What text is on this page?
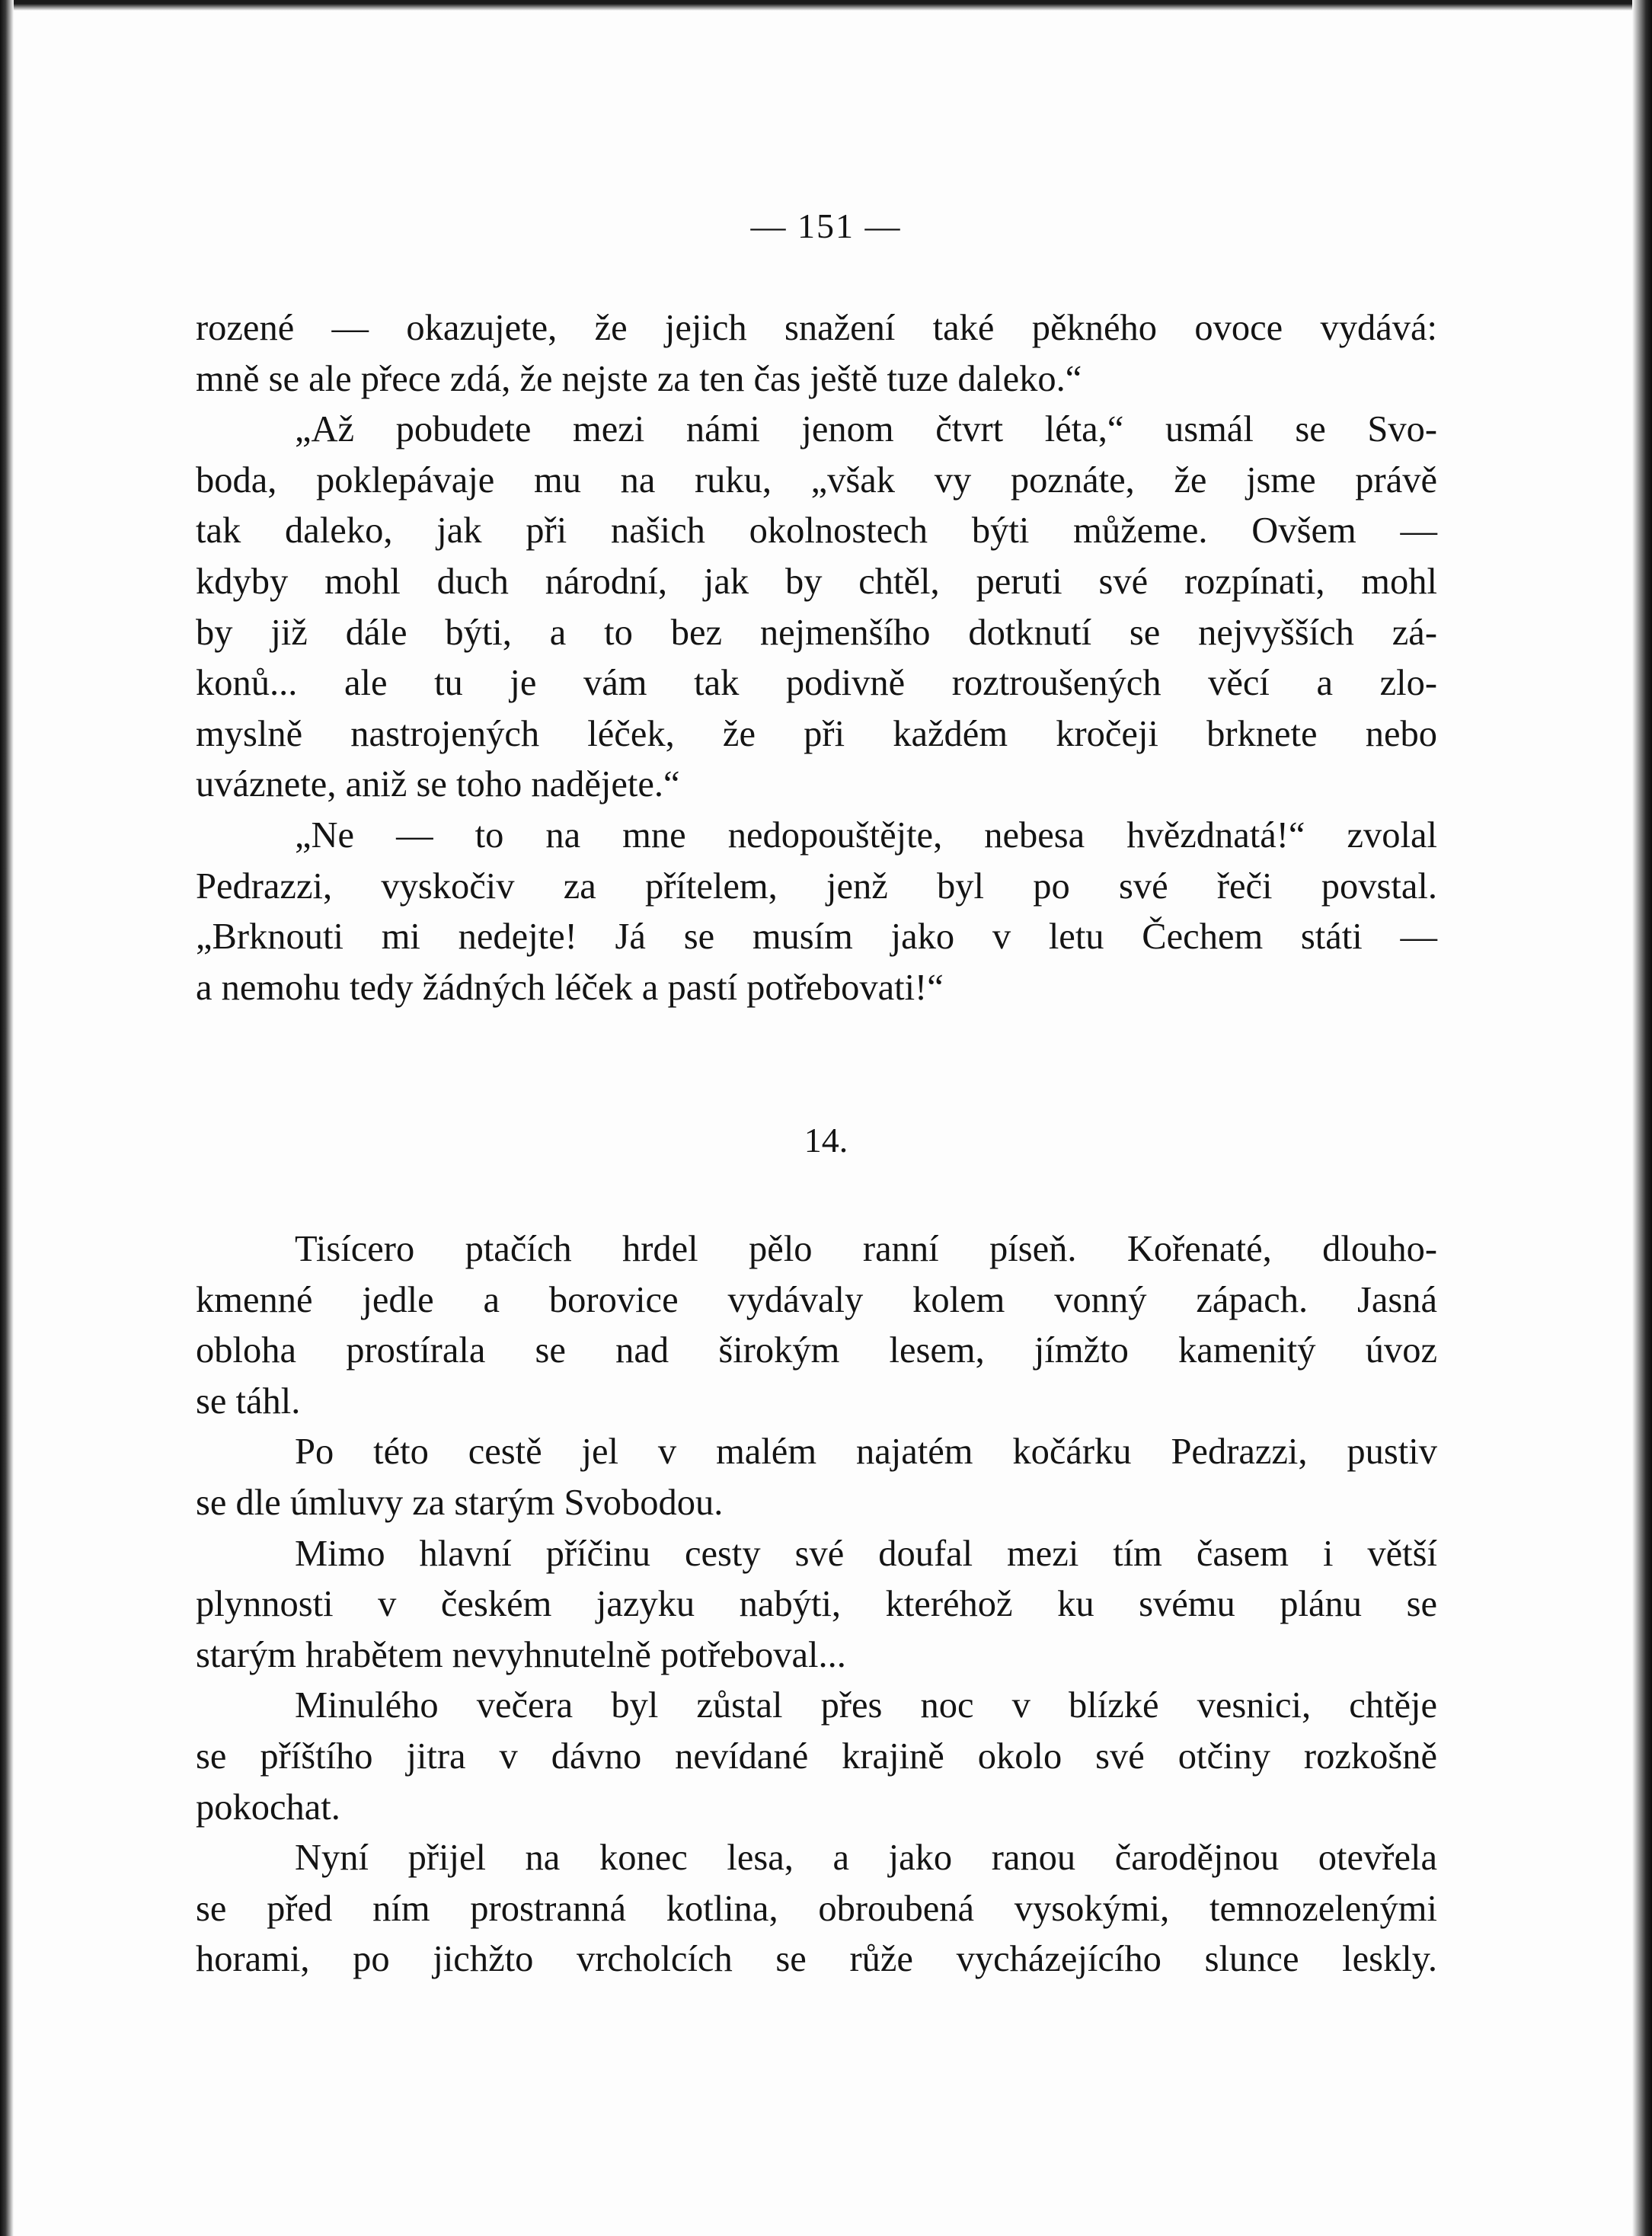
— 151 —
rozené — okazujete, že jejich snažení také pěkného ovoce vydává:
mně se ale přece zdá, že nejste za ten čas ještě tuze daleko.“
„Až pobudete mezi námi jenom čtvrt léta,“ usmál se Svo-
boda, poklepávaje mu na ruku, „však vy poznáte, že jsme právě
tak daleko, jak při našich okolnostech býti můžeme. Ovšem —
kdyby mohl duch národní, jak by chtěl, peruti své rozpínati, mohl
by již dále býti, a to bez nejmenšího dotknutí se nejvyšších zá-
konů... ale tu je vám tak podivně roztroušených věcí a zlo-
myslně nastrojených léček, že při každém kročeji brknete nebo
uváznete, aniž se toho nadějete.“
„Ne — to na mne nedopouštějte, nebesa hvězdnatá!“ zvolal
Pedrazzi, vyskočiv za přítelem, jenž byl po své řeči povstal.
„Brknouti mi nedejte! Já se musím jako v letu Čechem státi —
a nemohu tedy žádných léček a pastí potřebovati!“
14.
Tisícero ptačích hrdel pělo ranní píseň. Kořenaté, dlouho-
kmenné jedle a borovice vydávaly kolem vonný zápach. Jasná
obloha prostírala se nad širokým lesem, jímžto kamenitý úvoz
se táhl.
Po této cestě jel v malém najatém kočárku Pedrazzi, pustiv
se dle úmluvy za starým Svobodou.
Mimo hlavní příčinu cesty své doufal mezi tím časem i větší
plynnosti v českém jazyku nabýti, kteréhož ku svému plánu se
starým hrabětem nevyhnutelně potřeboval...
Minulého večera byl zůstal přes noc v blízké vesnici, chtěje
se příštího jitra v dávno nevídané krajině okolo své otčiny rozkošně
pokochat.
Nyní přijel na konec lesa, a jako ranou čarodějnou otevřela
se před ním prostranná kotlina, obroubená vysokými, temnozelenými
horami, po jichžto vrcholcích se růže vycházejícího slunce leskly.
